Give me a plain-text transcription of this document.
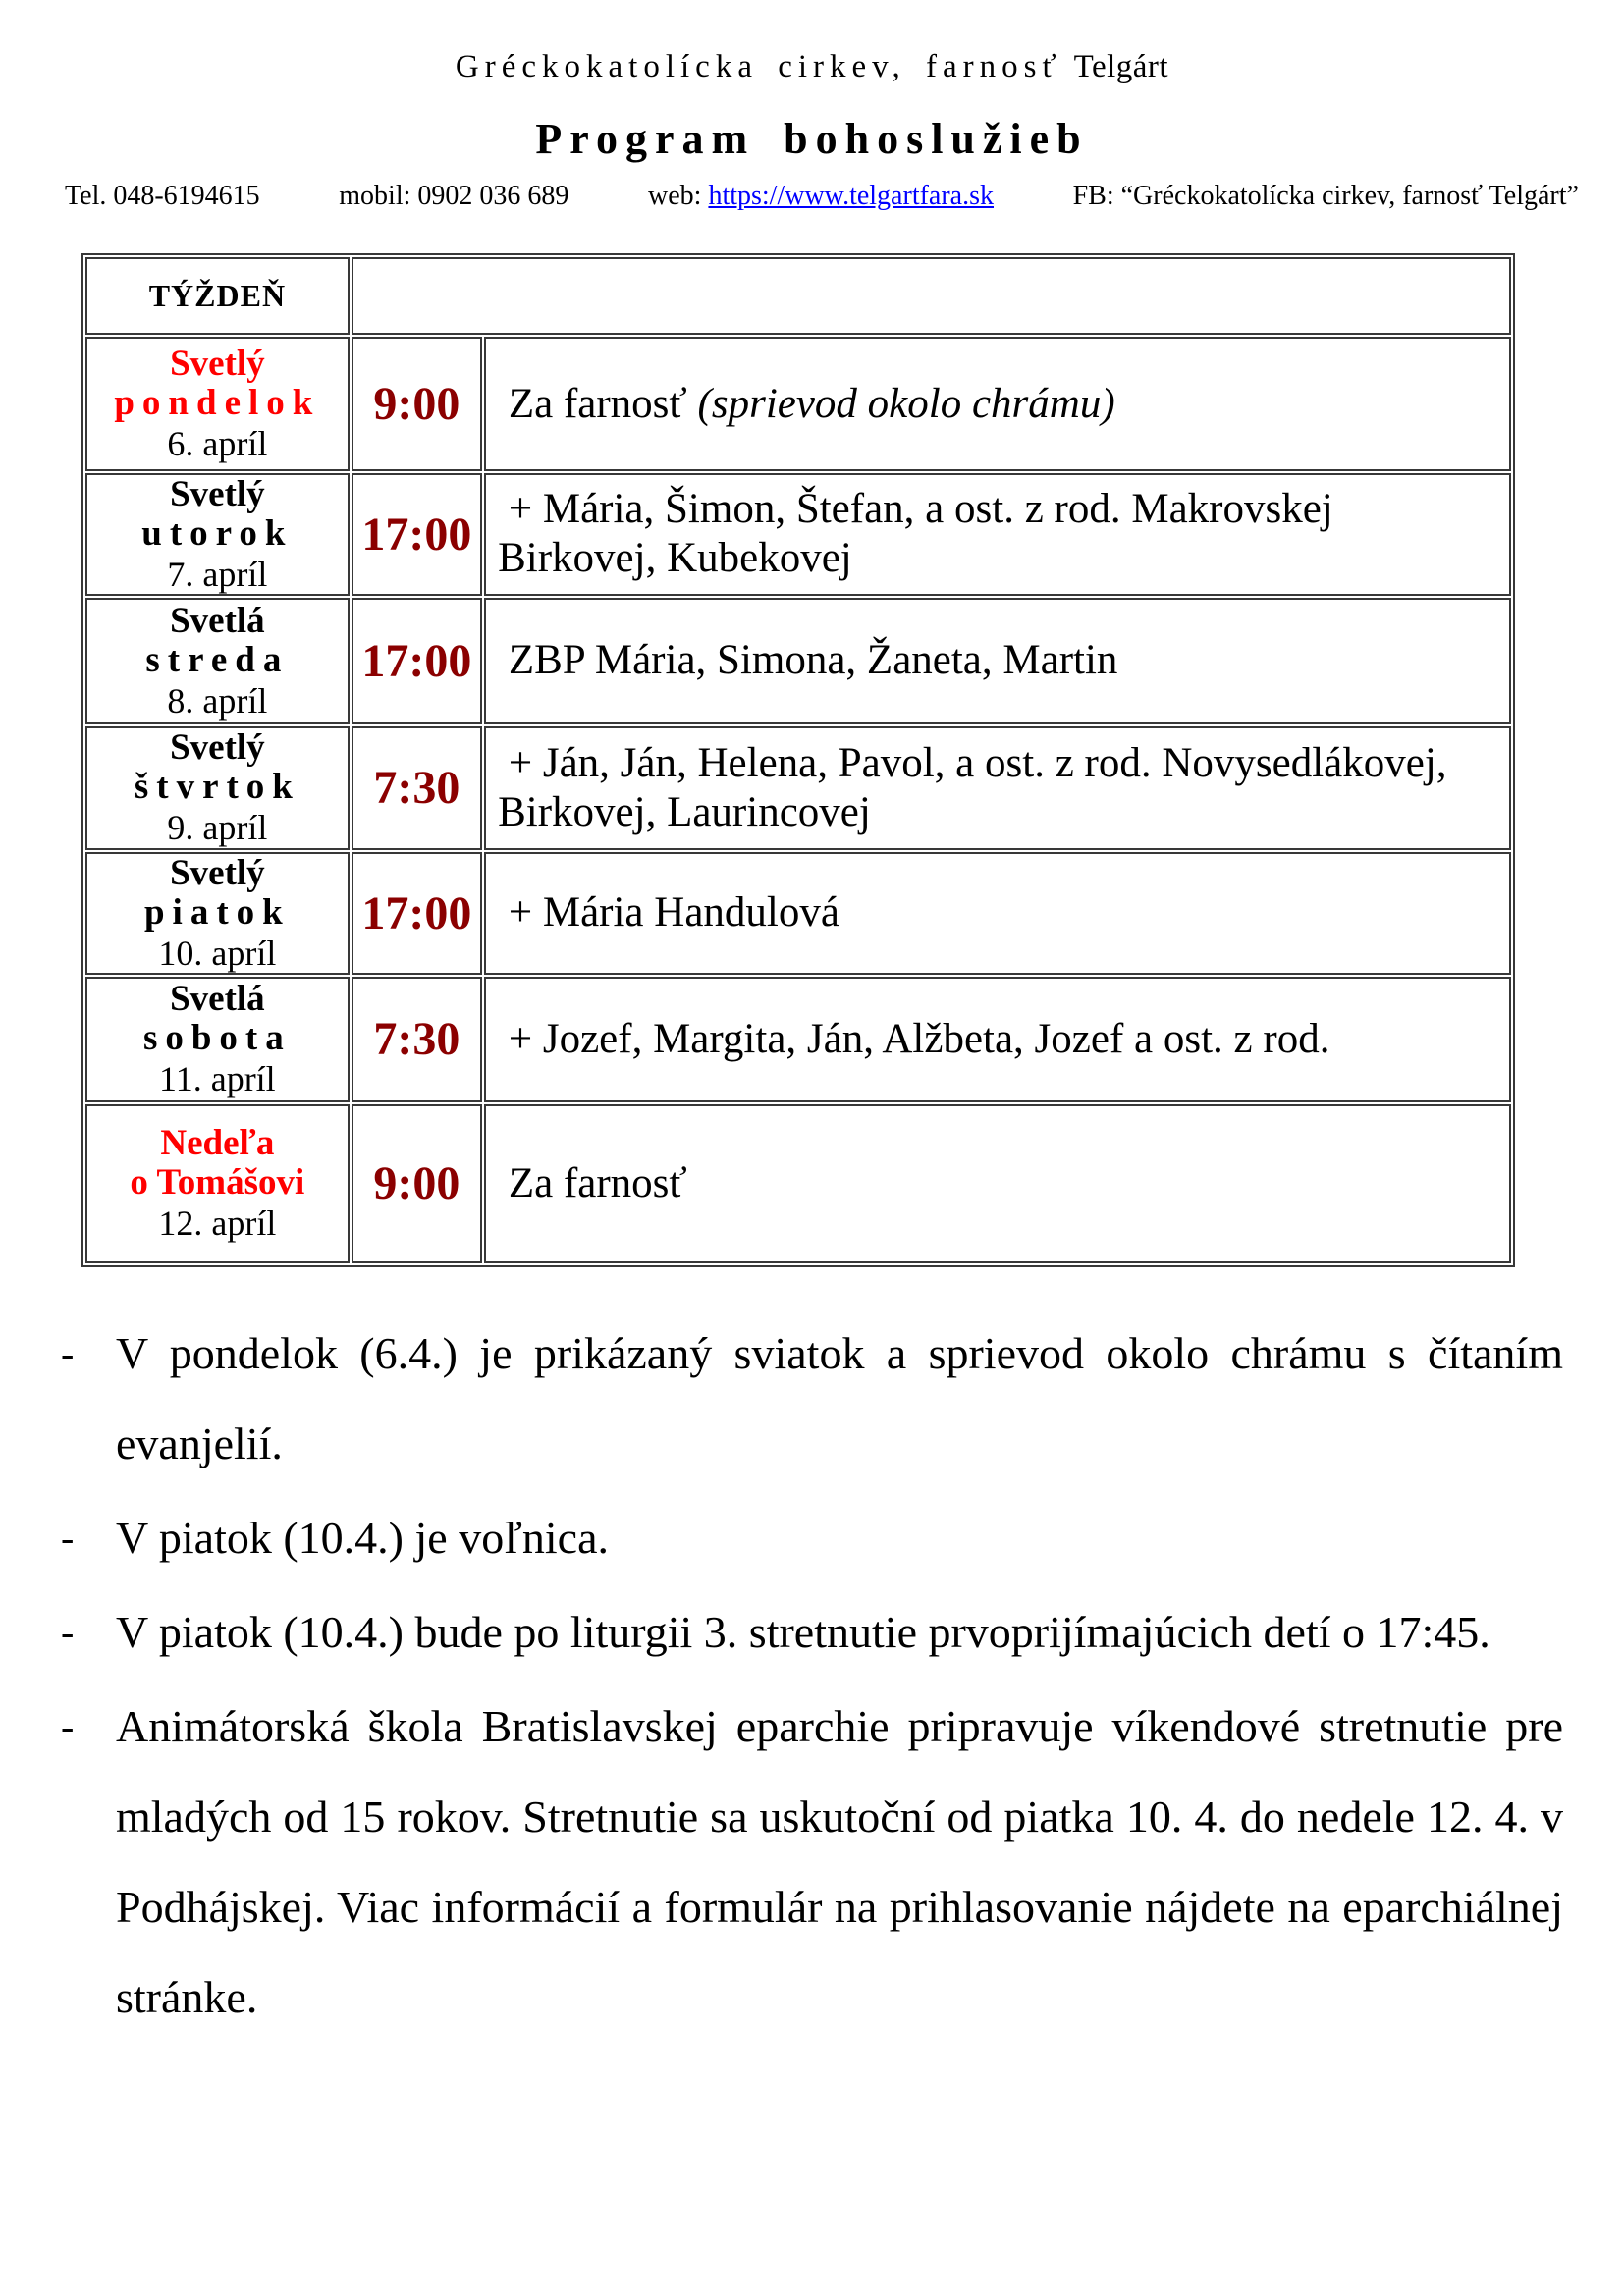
Gréckokatolícka cirkev, farnosť Telgárt
Program bohoslužieb
Tel. 048-6194615	mobil: 0902 036 689	web: https://www.telgartfara.sk	FB: “Gréckokatolícka cirkev, farnosť Telgárt”
TÝŽDEŇ		

Svetlý
pondelok
6. apríl	9:00	Za farnosť (sprievod okolo chrámu)

Svetlý
utorok
7. apríl	17:00	+ Mária, Šimon, Štefan, a ost. z rod. Makrovskej Birkovej, Kubekovej

Svetlá
streda
8. apríl	17:00	ZBP Mária, Simona, Žaneta, Martin

Svetlý
štvrtok
9. apríl	7:30	+ Ján, Ján, Helena, Pavol, a ost. z rod. Novysedlákovej, Birkovej, Laurincovej

Svetlý
piatok
10. apríl	17:00	+ Mária Handulová

Svetlá
sobota
11. apríl	7:30	+ Jozef, Margita, Ján, Alžbeta, Jozef a ost. z rod.

Nedeľa
o Tomášovi
12. apríl	9:00	Za farnosť
- V pondelok (6.4.) je prikázaný sviatok a sprievod okolo chrámu s čítaním evanjelií.
- V piatok (10.4.) je voľnica.
- V piatok (10.4.) bude po liturgii 3. stretnutie prvoprijímajúcich detí o 17:45.
- Animátorská škola Bratislavskej eparchie pripravuje víkendové stretnutie pre mladých od 15 rokov. Stretnutie sa uskutoční od piatka 10. 4. do nedele 12. 4. v Podhájskej. Viac informácií a formulár na prihlasovanie nájdete na eparchiálnej stránke.
